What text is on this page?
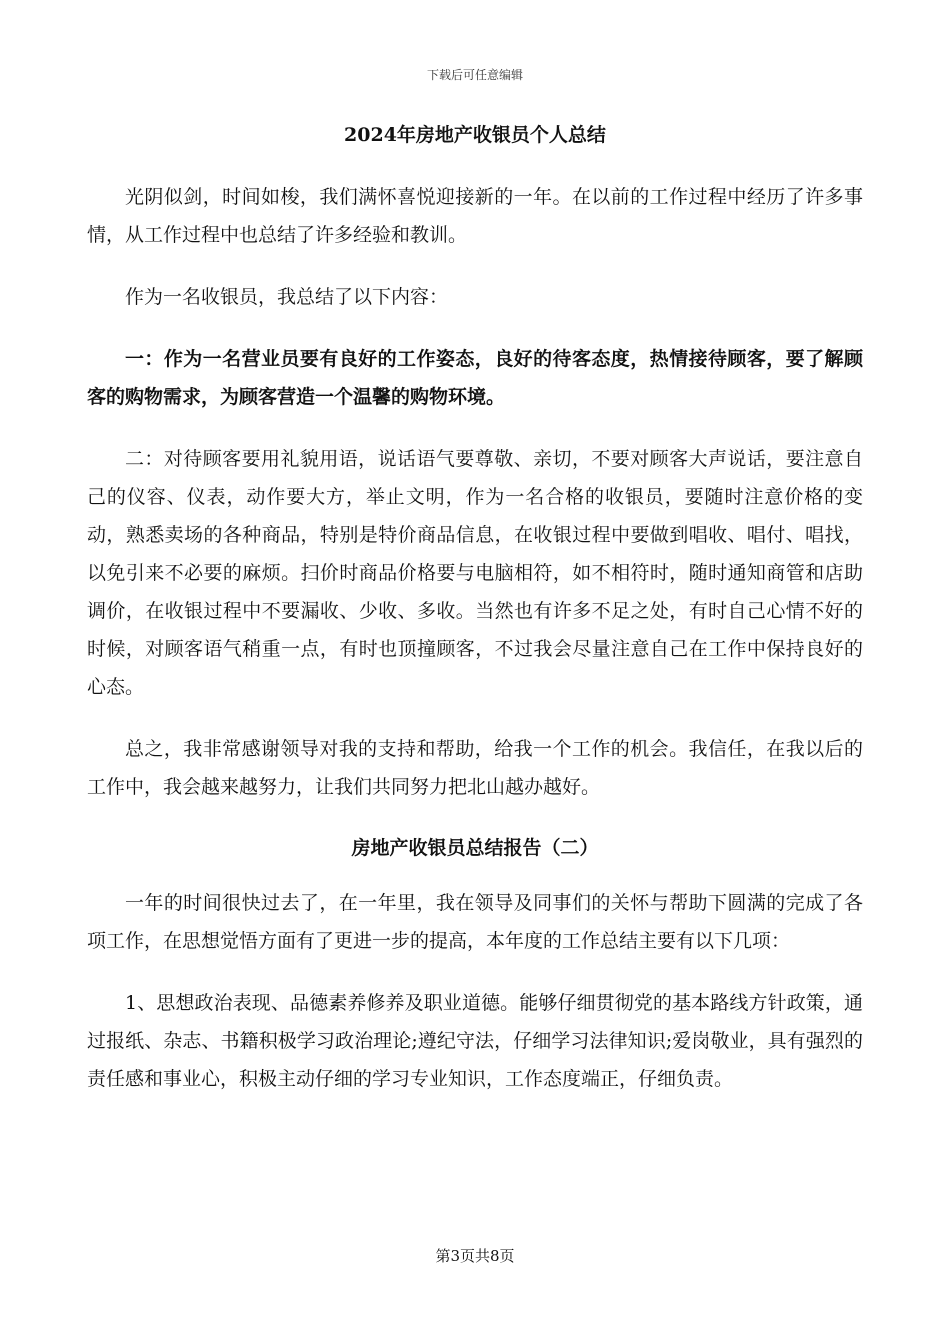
下载后可任意编辑
2024年房地产收银员个人总结

光阴似剑，时间如梭，我们满怀喜悦迎接新的一年。在以前的工作过程中经历了许多事情，从工作过程中也总结了许多经验和教训。

作为一名收银员，我总结了以下内容：

一：作为一名营业员要有良好的工作姿态，良好的待客态度，热情接待顾客，要了解顾客的购物需求，为顾客营造一个温馨的购物环境。

二：对待顾客要用礼貌用语，说话语气要尊敬、亲切，不要对顾客大声说话，要注意自己的仪容、仪表，动作要大方，举止文明，作为一名合格的收银员，要随时注意价格的变动，熟悉卖场的各种商品，特别是特价商品信息，在收银过程中要做到唱收、唱付、唱找，以免引来不必要的麻烦。扫价时商品价格要与电脑相符，如不相符时，随时通知商管和店助调价，在收银过程中不要漏收、少收、多收。当然也有许多不足之处，有时自己心情不好的时候，对顾客语气稍重一点，有时也顶撞顾客，不过我会尽量注意自己在工作中保持良好的心态。

总之，我非常感谢领导对我的支持和帮助，给我一个工作的机会。我信任，在我以后的工作中，我会越来越努力，让我们共同努力把北山越办越好。

房地产收银员总结报告（二）

一年的时间很快过去了，在一年里，我在领导及同事们的关怀与帮助下圆满的完成了各项工作，在思想觉悟方面有了更进一步的提高，本年度的工作总结主要有以下几项：

1、思想政治表现、品德素养修养及职业道德。能够仔细贯彻党的基本路线方针政策，通过报纸、杂志、书籍积极学习政治理论;遵纪守法，仔细学习法律知识;爱岗敬业，具有强烈的责任感和事业心，积极主动仔细的学习专业知识，工作态度端正，仔细负责。

第3页共8页
